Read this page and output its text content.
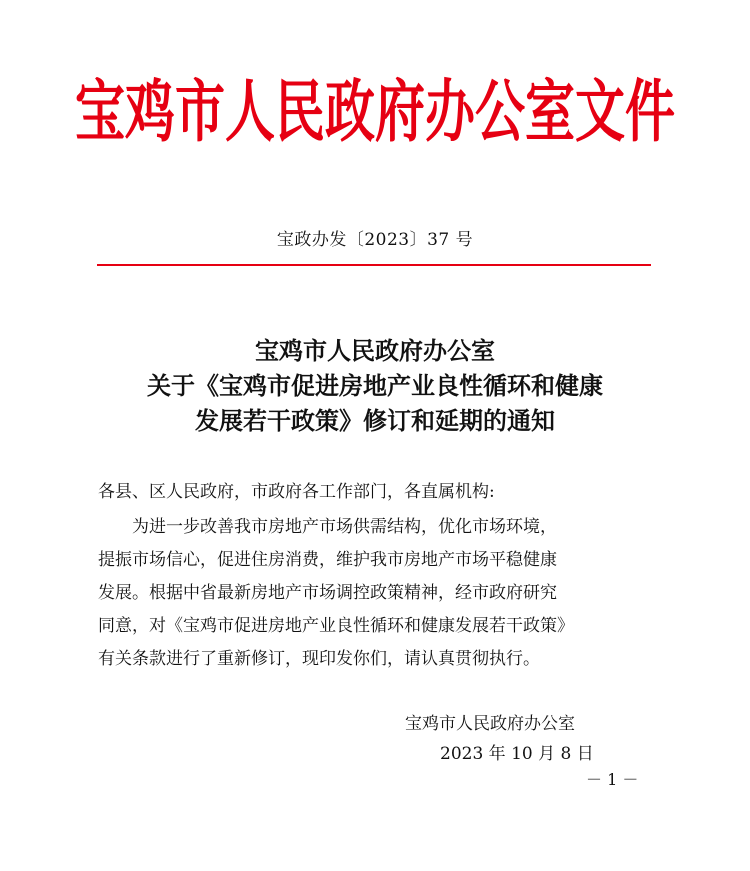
宝鸡市人民政府办公室文件
宝政办发〔2023〕37 号
宝鸡市人民政府办公室
关于《宝鸡市促进房地产业良性循环和健康
发展若干政策》修订和延期的通知
各县、区人民政府，市政府各工作部门，各直属机构:
为进一步改善我市房地产市场供需结构，优化市场环境，
提振市场信心，促进住房消费，维护我市房地产市场平稳健康
发展。根据中省最新房地产市场调控政策精神，经市政府研究
同意，对《宝鸡市促进房地产业良性循环和健康发展若干政策》
有关条款进行了重新修订，现印发你们，请认真贯彻执行。
宝鸡市人民政府办公室
2023 年 10 月 8 日
－ 1 －
